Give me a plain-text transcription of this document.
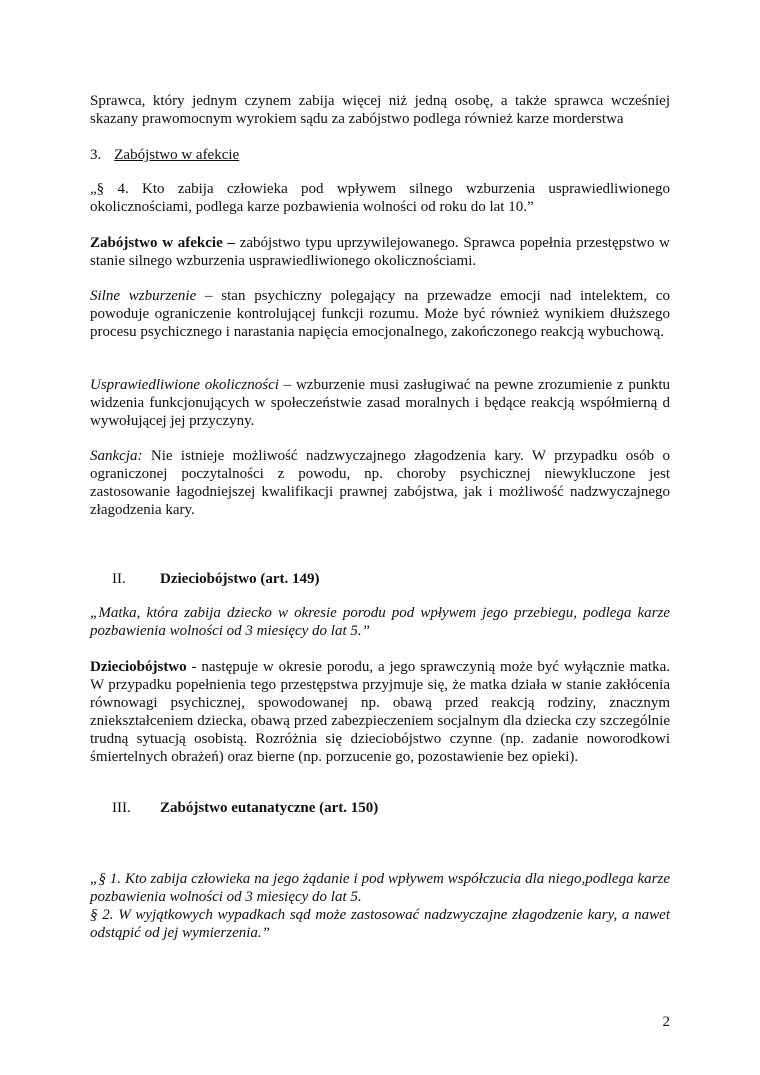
Sprawca, który jednym czynem zabija więcej niż jedną osobę, a także sprawca wcześniej skazany prawomocnym wyrokiem sądu za zabójstwo podlega również karze morderstwa
3. Zabójstwo w afekcie
„§ 4. Kto zabija człowieka pod wpływem silnego wzburzenia usprawiedliwionego okolicznościami, podlega karze pozbawienia wolności od roku do lat 10.”
Zabójstwo w afekcie – zabójstwo typu uprzywilejowanego. Sprawca popełnia przestępstwo w stanie silnego wzburzenia usprawiedliwionego okolicznościami.
Silne wzburzenie – stan psychiczny polegający na przewadze emocji nad intelektem, co powoduje ograniczenie kontrolującej funkcji rozumu. Może być również wynikiem dłuższego procesu psychicznego i narastania napięcia emocjonalnego, zakończonego reakcją wybuchową.
Usprawiedliwione okoliczności – wzburzenie musi zasługiwać na pewne zrozumienie z punktu widzenia funkcjonujących w społeczeństwie zasad moralnych i będące reakcją współmierną d wywołującej jej przyczyny.
Sankcja: Nie istnieje możliwość nadzwyczajnego złagodzenia kary. W przypadku osób o ograniczonej poczytalności z powodu, np. choroby psychicznej niewykluczone jest zastosowanie łagodniejszej kwalifikacji prawnej zabójstwa, jak i możliwość nadzwyczajnego złagodzenia kary.
II. Dzieciobójstwo (art. 149)
„Matka, która zabija dziecko w okresie porodu pod wpływem jego przebiegu, podlega karze pozbawienia wolności od 3 miesięcy do lat 5.”
Dzieciobójstwo - następuje w okresie porodu, a jego sprawczynią może być wyłącznie matka. W przypadku popełnienia tego przestępstwa przyjmuje się, że matka działa w stanie zakłócenia równowagi psychicznej, spowodowanej np. obawą przed reakcją rodziny, znacznym zniekształceniem dziecka, obawą przed zabezpieczeniem socjalnym dla dziecka czy szczególnie trudną sytuacją osobistą. Rozróżnia się dzieciobójstwo czynne (np. zadanie noworodkowi śmiertelnych obrażeń) oraz bierne (np. porzucenie go, pozostawienie bez opieki).
III. Zabójstwo eutanatyczne (art. 150)
„§ 1. Kto zabija człowieka na jego żądanie i pod wpływem współczucia dla niego,podlega karze pozbawienia wolności od 3 miesięcy do lat 5.
§ 2. W wyjątkowych wypadkach sąd może zastosować nadzwyczajne złagodzenie kary, a nawet odstąpić od jej wymierzenia.”
2
